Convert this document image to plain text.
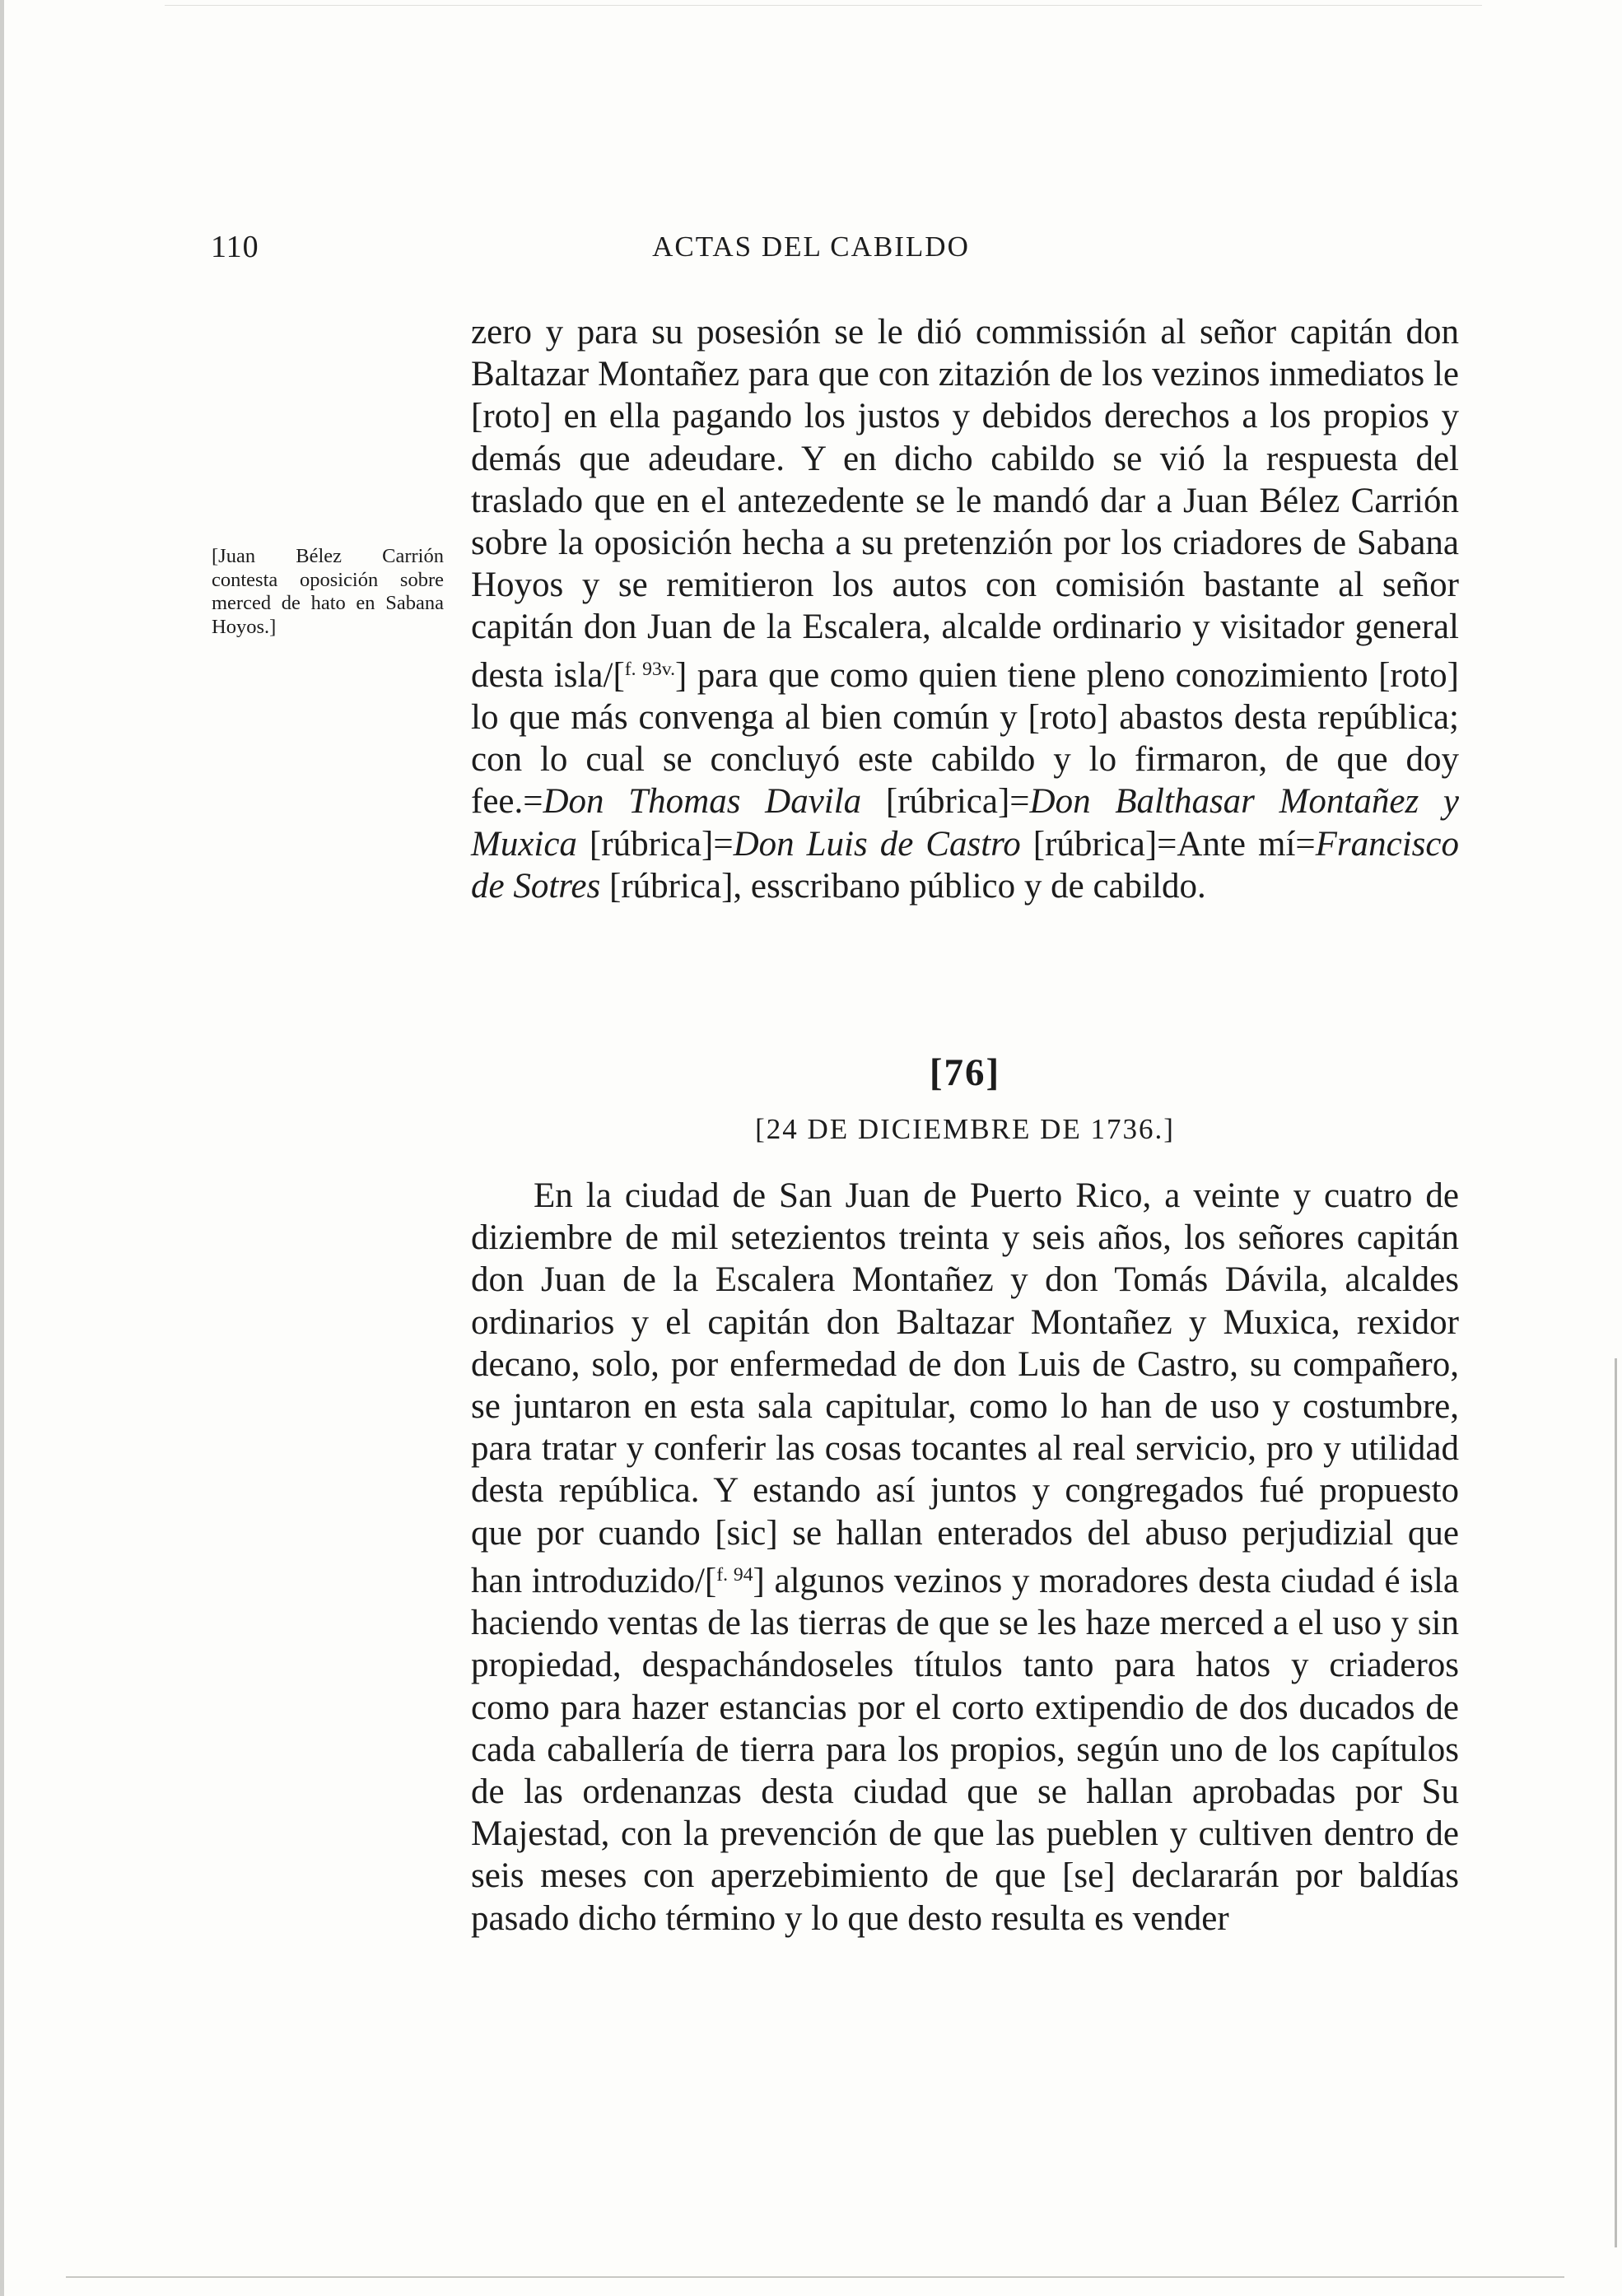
110	ACTAS DEL CABILDO

[Juan Bélez Carrión contesta oposición sobre merced de hato en Sabana Hoyos.]

zero y para su posesión se le dió commissión al señor capitán don Baltazar Montañez para que con zitazión de los vezinos inmediatos le [roto] en ella pagando los justos y debidos derechos a los propios y demás que adeudare. Y en dicho cabildo se vió la respuesta del traslado que en el antezedente se le mandó dar a Juan Bélez Carrión sobre la oposición hecha a su pretenzión por los criadores de Sabana Hoyos y se remitieron los autos con comisión bastante al señor capitán don Juan de la Escalera, alcalde ordinario y visitador general desta isla/[$^{f. 93v.}$] para que como quien tiene pleno conozimiento [roto] lo que más convenga al bien común y [roto] abastos desta república; con lo cual se concluyó este cabildo y lo firmaron, de que doy fee.=Don Thomas Davila [rúbrica]=Don Balthasar Montañez y Muxica [rúbrica]=Don Luis de Castro [rúbrica]=Ante mí=Francisco de Sotres [rúbrica], esscribano público y de cabildo.

[76]
[24 DE DICIEMBRE DE 1736.]

En la ciudad de San Juan de Puerto Rico, a veinte y cuatro de diziembre de mil setezientos treinta y seis años, los señores capitán don Juan de la Escalera Montañez y don Tomás Dávila, alcaldes ordinarios y el capitán don Baltazar Montañez y Muxica, rexidor decano, solo, por enfermedad de don Luis de Castro, su compañero, se juntaron en esta sala capitular, como lo han de uso y costumbre, para tratar y conferir las cosas tocantes al real servicio, pro y utilidad desta república. Y estando así juntos y congregados fué propuesto que por cuando [sic] se hallan enterados del abuso perjudizial que han introduzido/[$^{f. 94}$] algunos vezinos y moradores desta ciudad é isla haciendo ventas de las tierras de que se les haze merced a el uso y sin propiedad, despachándoseles títulos tanto para hatos y criaderos como para hazer estancias por el corto extipendio de dos ducados de cada caballería de tierra para los propios, según uno de los capítulos de las ordenanzas desta ciudad que se hallan aprobadas por Su Majestad, con la prevención de que las pueblen y cultiven dentro de seis meses con aperzebimiento de que [se] declararán por baldías pasado dicho término y lo que desto resulta es vender
